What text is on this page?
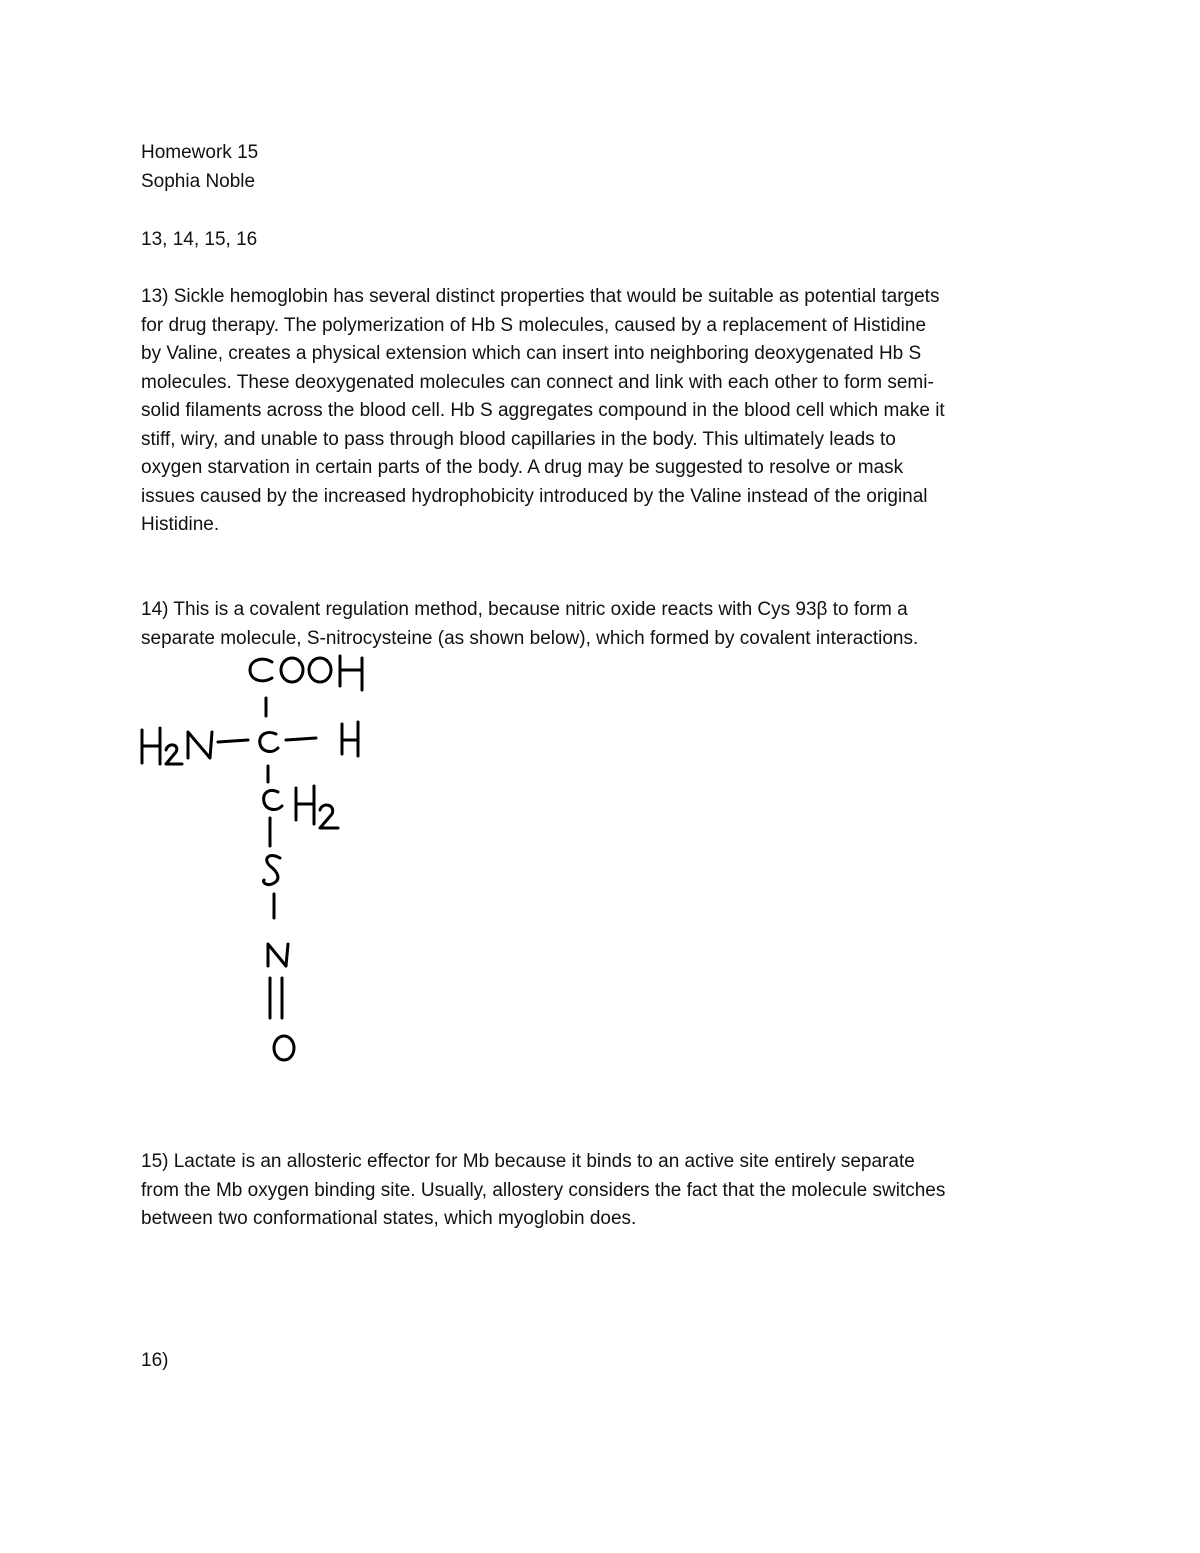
Homework 15
Sophia Noble
13, 14, 15, 16
13) Sickle hemoglobin has several distinct properties that would be suitable as potential targets
for drug therapy. The polymerization of Hb S molecules, caused by a replacement of Histidine
by Valine, creates a physical extension which can insert into neighboring deoxygenated Hb S
molecules. These deoxygenated molecules can connect and link with each other to form semi-
solid filaments across the blood cell. Hb S aggregates compound in the blood cell which make it
stiff, wiry, and unable to pass through blood capillaries in the body. This ultimately leads to
oxygen starvation in certain parts of the body. A drug may be suggested to resolve or mask
issues caused by the increased hydrophobicity introduced by the Valine instead of the original
Histidine.
14) This is a covalent regulation method, because nitric oxide reacts with Cys 93β to form a
separate molecule, S-nitrocysteine (as shown below), which formed by covalent interactions.
15) Lactate is an allosteric effector for Mb because it binds to an active site entirely separate
from the Mb oxygen binding site. Usually, allostery considers the fact that the molecule switches
between two conformational states, which myoglobin does.
16)
